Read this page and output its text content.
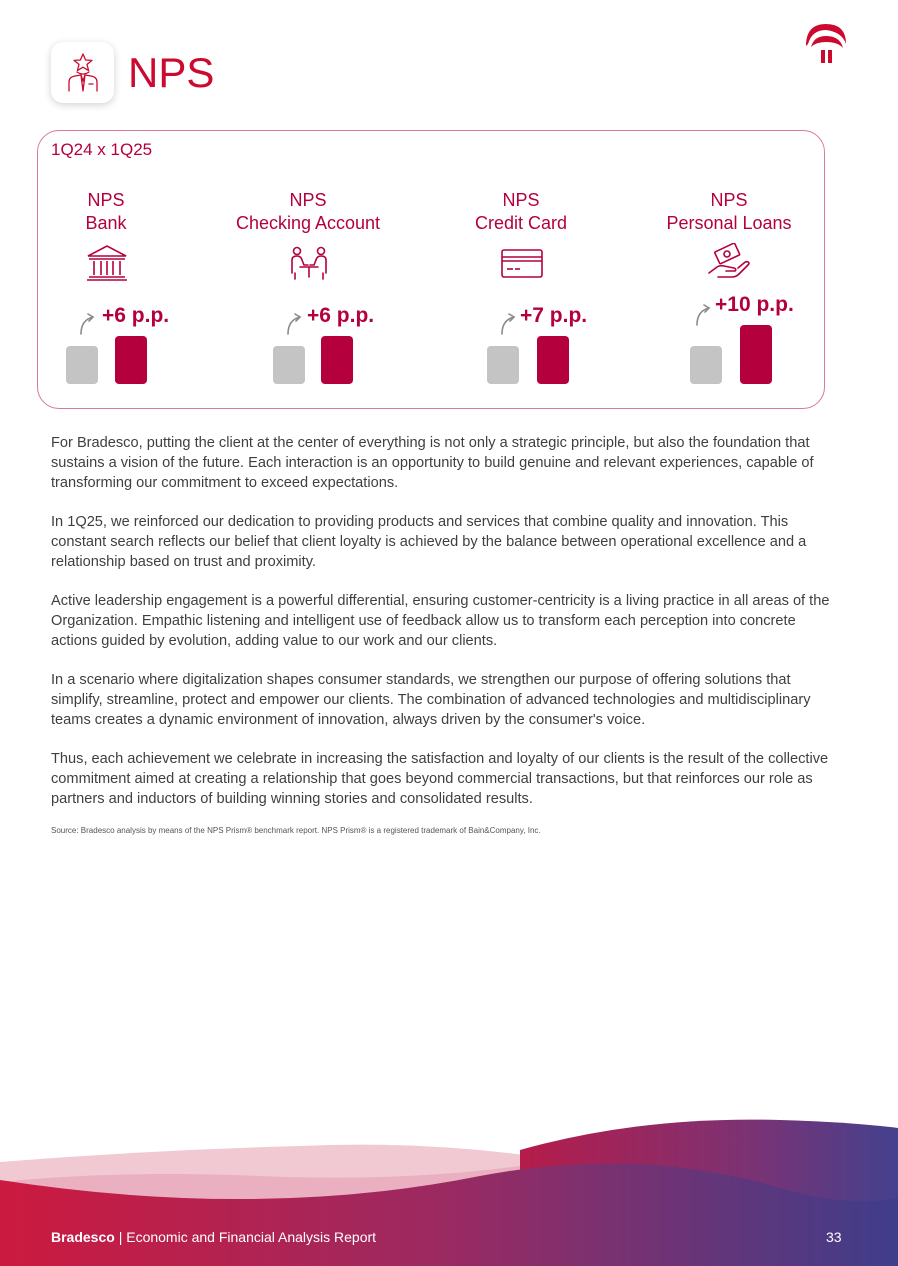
NPS
1Q24 x 1Q25
NPS
Bank
+6 p.p.
NPS
Checking Account
+6 p.p.
NPS
Credit Card
+7 p.p.
NPS
Personal Loans
+10 p.p.

For Bradesco, putting the client at the center of everything is not only a strategic principle, but also the foundation that sustains a vision of the future. Each interaction is an opportunity to build genuine and relevant experiences, capable of transforming our commitment to exceed expectations.

In 1Q25, we reinforced our dedication to providing products and services that combine quality and innovation. This constant search reflects our belief that client loyalty is achieved by the balance between operational excellence and a relationship based on trust and proximity.

Active leadership engagement is a powerful differential, ensuring customer-centricity is a living practice in all areas of the Organization. Empathic listening and intelligent use of feedback allow us to transform each perception into concrete actions guided by evolution, adding value to our work and our clients.

In a scenario where digitalization shapes consumer standards, we strengthen our purpose of offering solutions that simplify, streamline, protect and empower our clients. The combination of advanced technologies and multidisciplinary teams creates a dynamic environment of innovation, always driven by the consumer's voice.

Thus, each achievement we celebrate in increasing the satisfaction and loyalty of our clients is the result of the collective commitment aimed at creating a relationship that goes beyond commercial transactions, but that reinforces our role as partners and inductors of building winning stories and consolidated results.

Source: Bradesco analysis by means of the NPS Prism® benchmark report. NPS Prism® is a registered trademark of Bain&Company, Inc.
Bradesco | Economic and Financial Analysis Report	33
